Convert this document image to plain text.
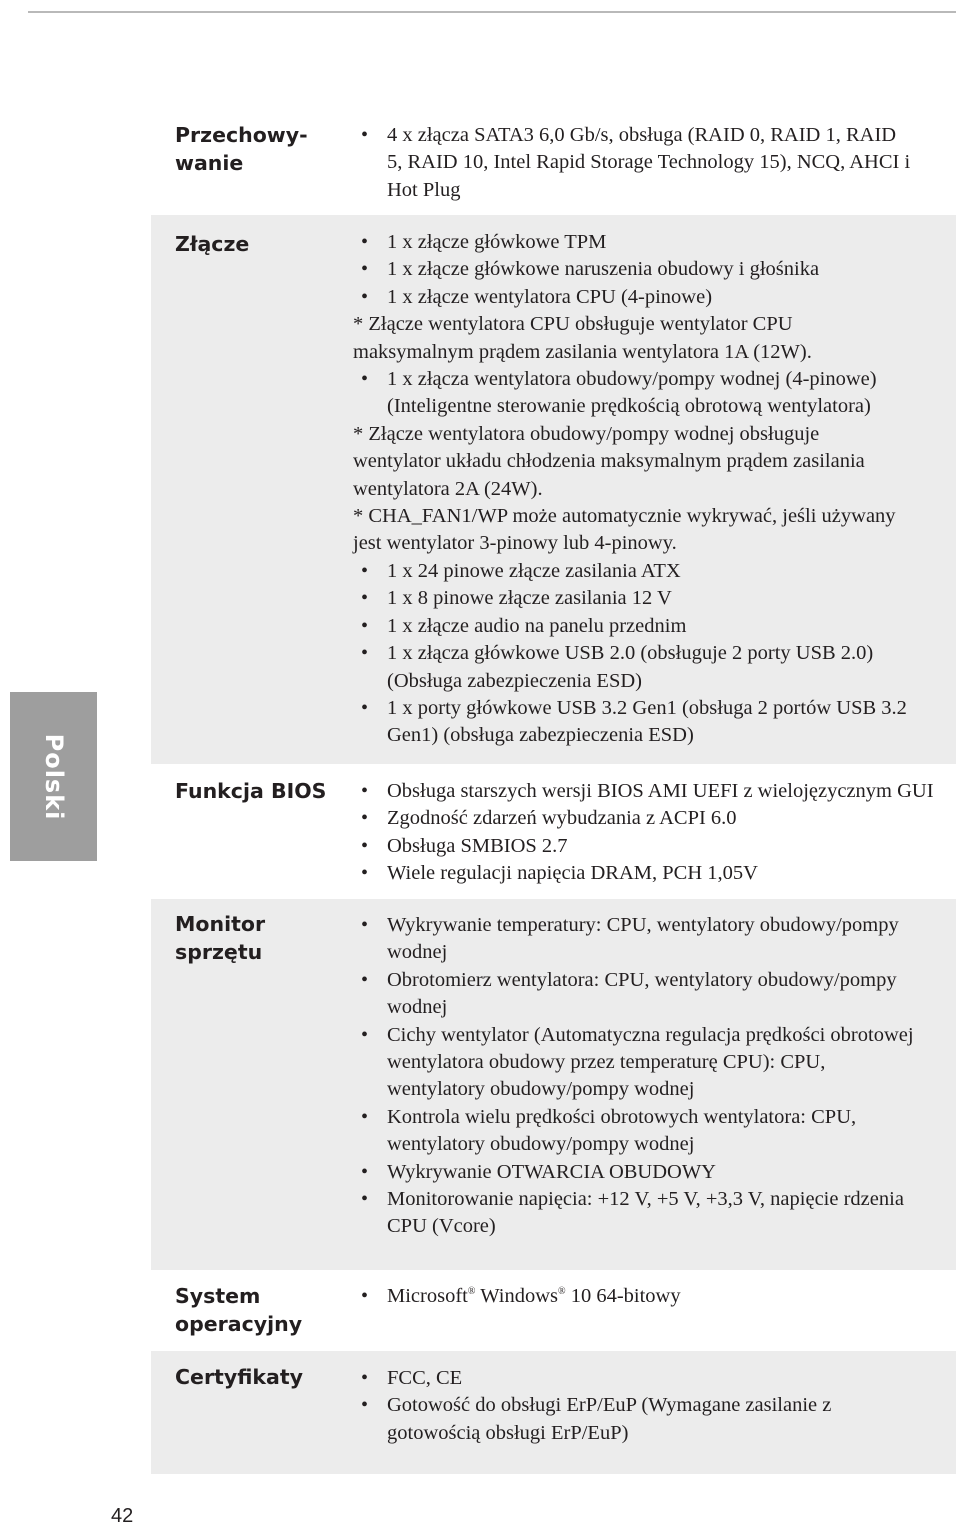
Polski
Przechowy-
wanie
• 4 x złącza SATA3 6,0 Gb/s, obsługa (RAID 0, RAID 1, RAID
5, RAID 10, Intel Rapid Storage Technology 15), NCQ, AHCI i
Hot Plug
Złącze	• 1 x złącze główkowe TPM
• 1 x złącze główkowe naruszenia obudowy i głośnika
• 1 x złącze wentylatora CPU (4-pinowe)
* Złącze wentylatora CPU obsługuje wentylator CPU
maksymalnym prądem zasilania wentylatora 1A (12W).
• 1 x złącza wentylatora obudowy/pompy wodnej (4-pinowe)
(Inteligentne sterowanie prędkością obrotową wentylatora)
* Złącze wentylatora obudowy/pompy wodnej obsługuje
wentylator układu chłodzenia maksymalnym prądem zasilania
wentylatora 2A (24W).
* CHA_FAN1/WP może automatycznie wykrywać, jeśli używany
jest wentylator 3-pinowy lub 4-pinowy.
• 1 x 24 pinowe złącze zasilania ATX
• 1 x 8 pinowe złącze zasilania 12 V
• 1 x złącze audio na panelu przednim
• 1 x złącza główkowe USB 2.0 (obsługuje 2 porty USB 2.0)
(Obsługa zabezpieczenia ESD)
• 1 x porty główkowe USB 3.2 Gen1 (obsługa 2 portów USB 3.2
Gen1) (obsługa zabezpieczenia ESD)
Funkcja BIOS • Obsługa starszych wersji BIOS AMI UEFI z wielojęzycznym GUI
• Zgodność zdarzeń wybudzania z ACPI 6.0
• Obsługa SMBIOS 2.7
• Wiele regulacji napięcia DRAM, PCH 1,05V
Monitor
sprzętu
• Wykrywanie temperatury: CPU, wentylatory obudowy/pompy
wodnej
• Obrotomierz wentylatora: CPU, wentylatory obudowy/pompy
wodnej
• Cichy wentylator (Automatyczna regulacja prędkości obrotowej
wentylatora obudowy przez temperaturę CPU): CPU,
wentylatory obudowy/pompy wodnej
• Kontrola wielu prędkości obrotowych wentylatora: CPU,
wentylatory obudowy/pompy wodnej
• Wykrywanie OTWARCIA OBUDOWY
• Monitorowanie napięcia: +12 V, +5 V, +3,3 V, napięcie rdzenia
CPU (Vcore)
System
operacyjny
• Microsoft® Windows® 10 64-bitowy
Certyfikaty	• FCC, CE
• Gotowość do obsługi ErP/EuP (Wymagane zasilanie z
gotowością obsługi ErP/EuP)
42
